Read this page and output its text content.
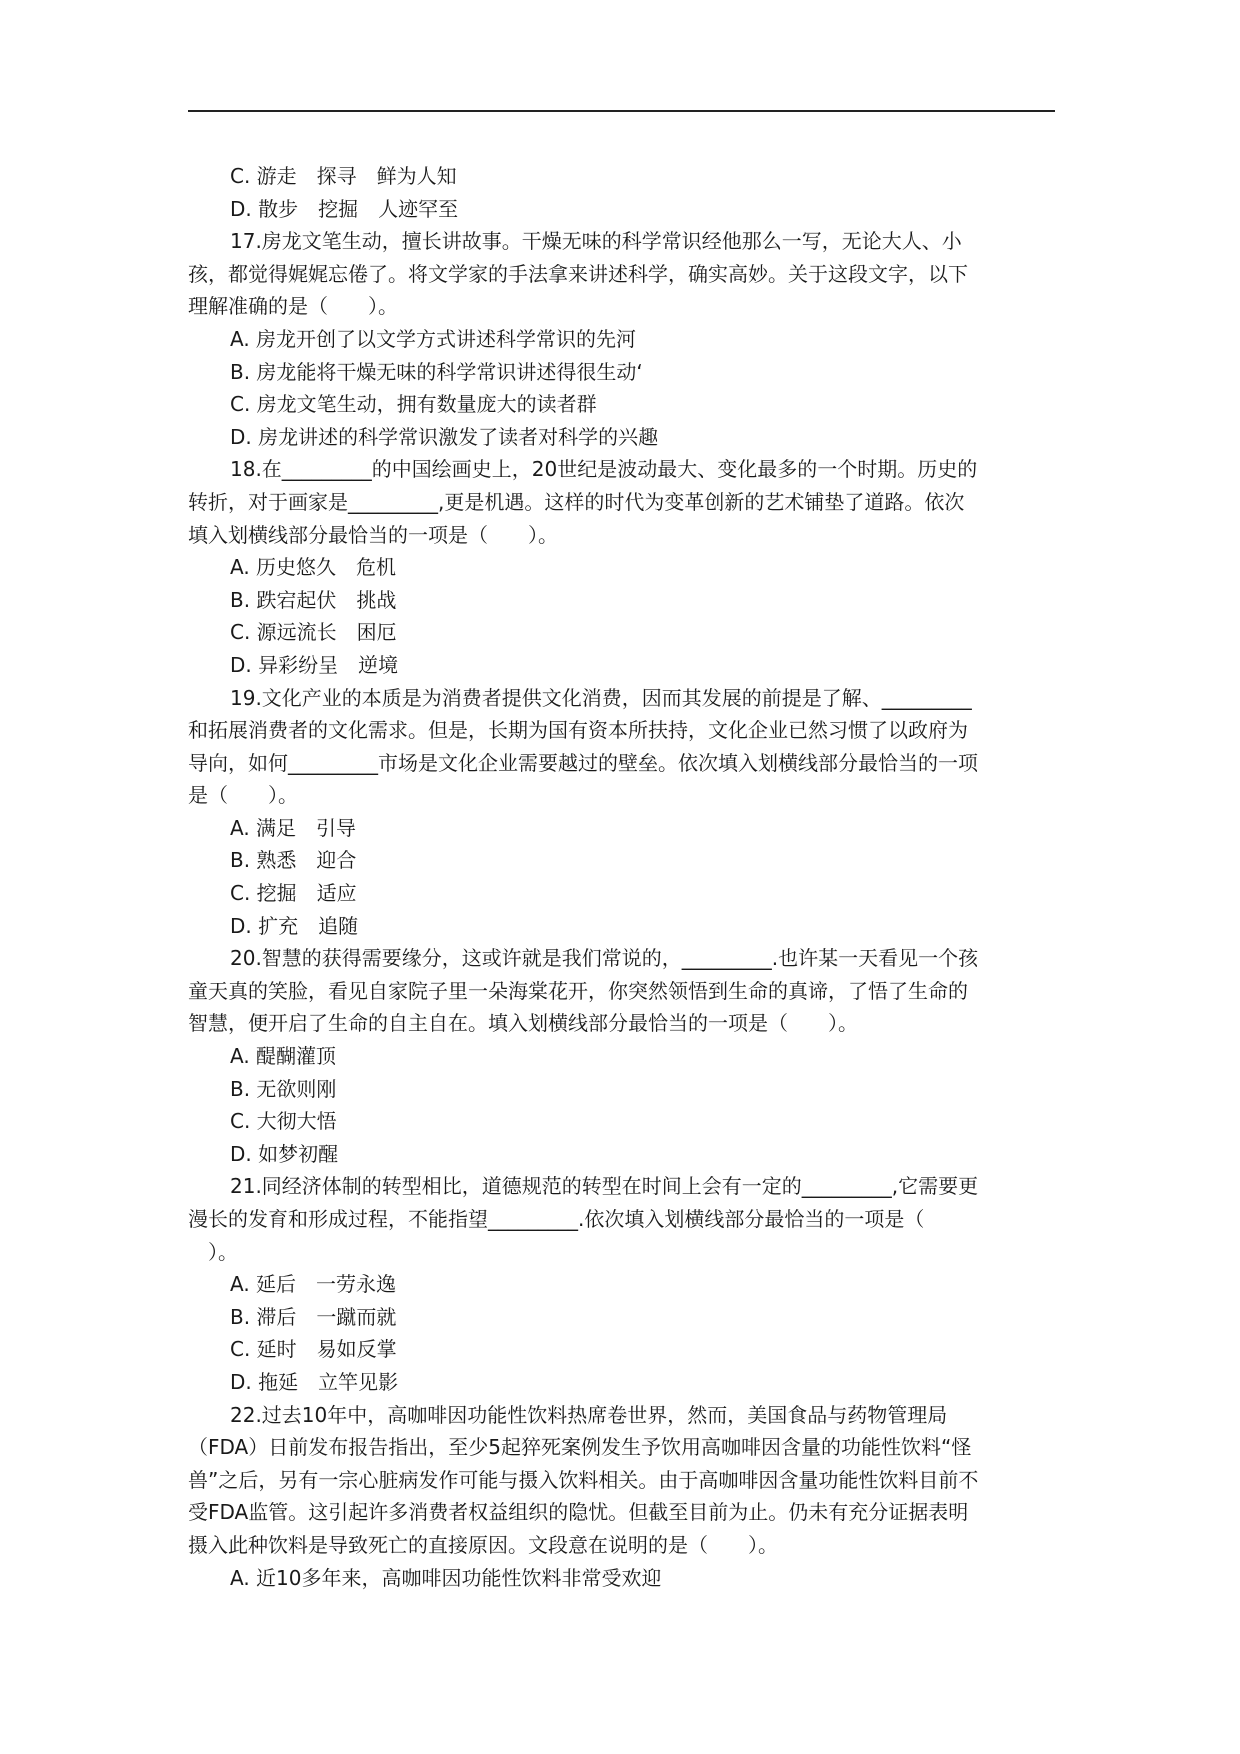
C. 游走　探寻　鲜为人知
D. 散步　挖掘　人迹罕至
17.房龙文笔生动，擅长讲故事。干燥无味的科学常识经他那么一写，无论大人、小
孩，都觉得娓娓忘倦了。将文学家的手法拿来讲述科学，确实高妙。关于这段文字，以下
理解准确的是（　　）。
A. 房龙开创了以文学方式讲述科学常识的先河
B. 房龙能将干燥无味的科学常识讲述得很生动‘
C. 房龙文笔生动，拥有数量庞大的读者群
D. 房龙讲述的科学常识激发了读者对科学的兴趣
18.在_________的中国绘画史上，20世纪是波动最大、变化最多的一个时期。历史的
转折，对于画家是_________,更是机遇。这样的时代为变革创新的艺术铺垫了道路。依次
填入划横线部分最恰当的一项是（　　）。
A. 历史悠久　危机
B. 跌宕起伏　挑战
C. 源远流长　困厄
D. 异彩纷呈　逆境
19.文化产业的本质是为消费者提供文化消费，因而其发展的前提是了解、_________
和拓展消费者的文化需求。但是，长期为国有资本所扶持，文化企业已然习惯了以政府为
导向，如何_________市场是文化企业需要越过的壁垒。依次填入划横线部分最恰当的一项
是（　　）。
A. 满足　引导
B. 熟悉　迎合
C. 挖掘　适应
D. 扩充　追随
20.智慧的获得需要缘分，这或许就是我们常说的，_________.也许某一天看见一个孩
童天真的笑脸，看见自家院子里一朵海棠花开，你突然领悟到生命的真谛，了悟了生命的
智慧，便开启了生命的自主自在。填入划横线部分最恰当的一项是（　　）。
A. 醍醐灌顶
B. 无欲则刚
C. 大彻大悟
D. 如梦初醒
21.同经济体制的转型相比，道德规范的转型在时间上会有一定的_________,它需要更
漫长的发育和形成过程，不能指望_________.依次填入划横线部分最恰当的一项是（
　）。
A. 延后　一劳永逸
B. 滞后　一蹴而就
C. 延时　易如反掌
D. 拖延　立竿见影
22.过去10年中，高咖啡因功能性饮料热席卷世界，然而，美国食品与药物管理局
（FDA）日前发布报告指出，至少5起猝死案例发生予饮用高咖啡因含量的功能性饮料“怪
兽”之后，另有一宗心脏病发作可能与摄入饮料相关。由于高咖啡因含量功能性饮料目前不
受FDA监管。这引起许多消费者权益组织的隐忧。但截至目前为止。仍未有充分证据表明
摄入此种饮料是导致死亡的直接原因。文段意在说明的是（　　）。
A. 近10多年来，高咖啡因功能性饮料非常受欢迎
